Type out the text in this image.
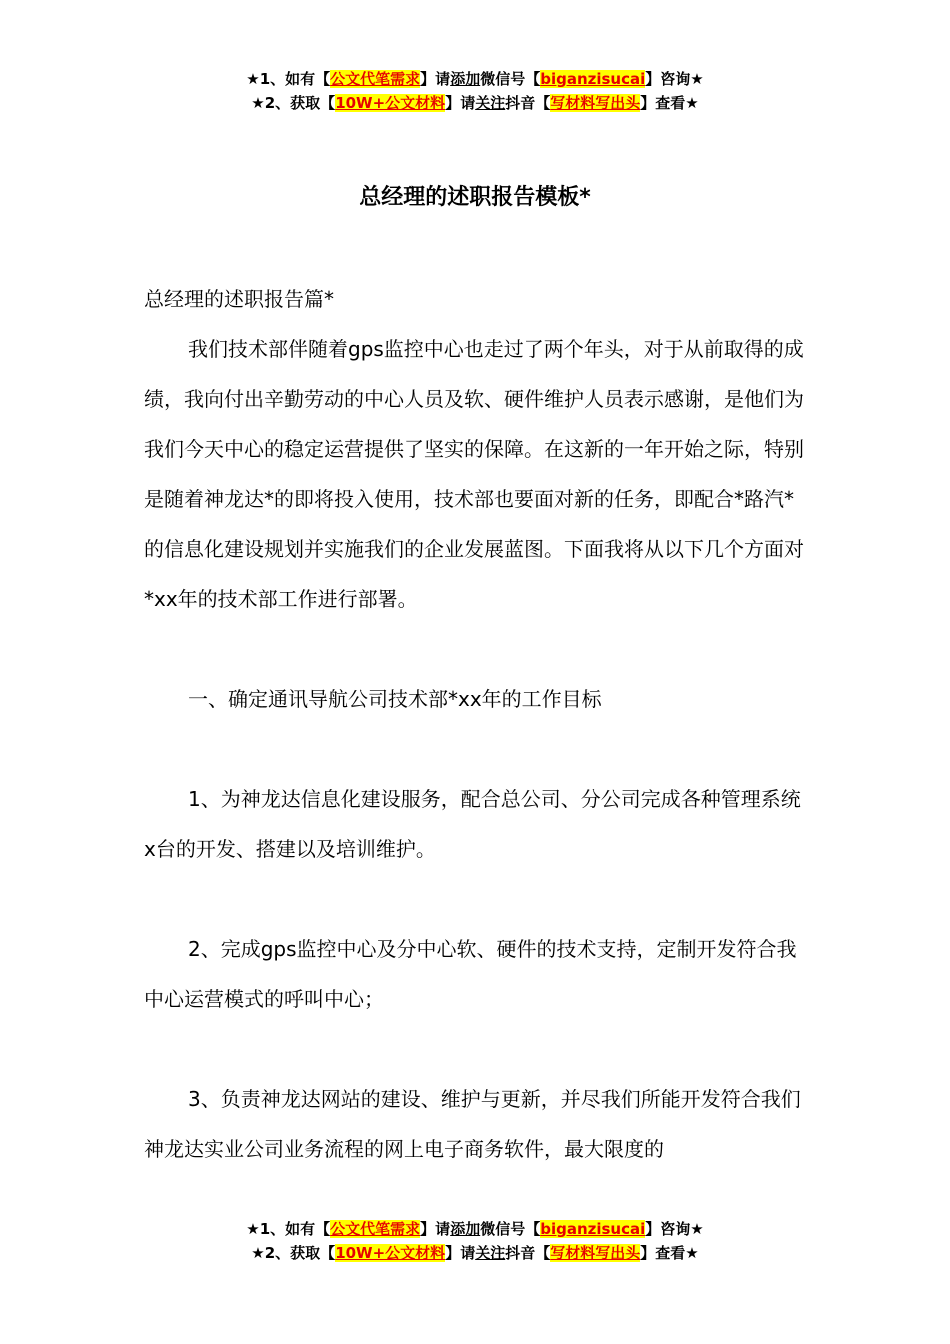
★1、如有【公文代笔需求】请添加微信号【biganzisucai】咨询★
★2、获取【10W+公文材料】请关注抖音【写材料写出头】查看★
总经理的述职报告模板*

总经理的述职报告篇*

我们技术部伴随着gps监控中心也走过了两个年头，对于从前取得的成绩，我向付出辛勤劳动的中心人员及软、硬件维护人员表示感谢，是他们为我们今天中心的稳定运营提供了坚实的保障。在这新的一年开始之际，特别是随着神龙达*的即将投入使用，技术部也要面对新的任务，即配合*路汽*的信息化建设规划并实施我们的企业发展蓝图。下面我将从以下几个方面对*xx年的技术部工作进行部署。

一、确定通讯导航公司技术部*xx年的工作目标

1、为神龙达信息化建设服务，配合总公司、分公司完成各种管理系统x台的开发、搭建以及培训维护。

2、完成gps监控中心及分中心软、硬件的技术支持，定制开发符合我中心运营模式的呼叫中心；

3、负责神龙达网站的建设、维护与更新，并尽我们所能开发符合我们神龙达实业公司业务流程的网上电子商务软件，最大限度的

★1、如有【公文代笔需求】请添加微信号【biganzisucai】咨询★
★2、获取【10W+公文材料】请关注抖音【写材料写出头】查看★
